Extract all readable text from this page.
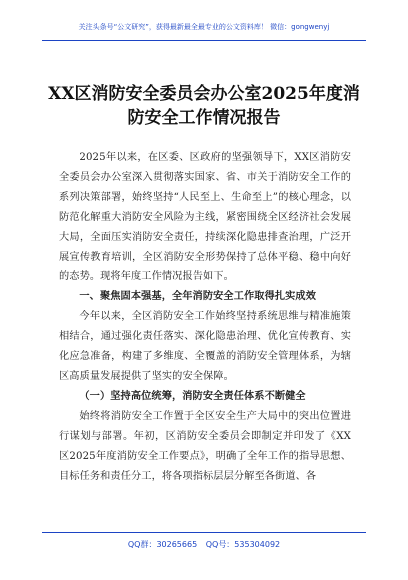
关注头条号“公文研究”，获得最新最全最专业的公文资料库！ 微信：gongwenyj
XX区消防安全委员会办公室2025年度消防安全工作情况报告

2025年以来，在区委、区政府的坚强领导下，XX区消防安全委员会办公室深入贯彻落实国家、省、市关于消防安全工作的系列决策部署，始终坚持“人民至上、生命至上”的核心理念，以防范化解重大消防安全风险为主线，紧密围绕全区经济社会发展大局，全面压实消防安全责任，持续深化隐患排查治理，广泛开展宣传教育培训，全区消防安全形势保持了总体平稳、稳中向好的态势。现将年度工作情况报告如下。

一、聚焦固本强基，全年消防安全工作取得扎实成效

今年以来，全区消防安全工作始终坚持系统思维与精准施策相结合，通过强化责任落实、深化隐患治理、优化宣传教育、实化应急准备，构建了多维度、全覆盖的消防安全管理体系，为辖区高质量发展提供了坚实的安全保障。

（一）坚持高位统筹，消防安全责任体系不断健全

始终将消防安全工作置于全区安全生产大局中的突出位置进行谋划与部署。年初，区消防安全委员会即制定并印发了《XX区2025年度消防安全工作要点》，明确了全年工作的指导思想、目标任务和责任分工，将各项指标层层分解至各街道、各

QQ群：30265665 QQ号：535304092
